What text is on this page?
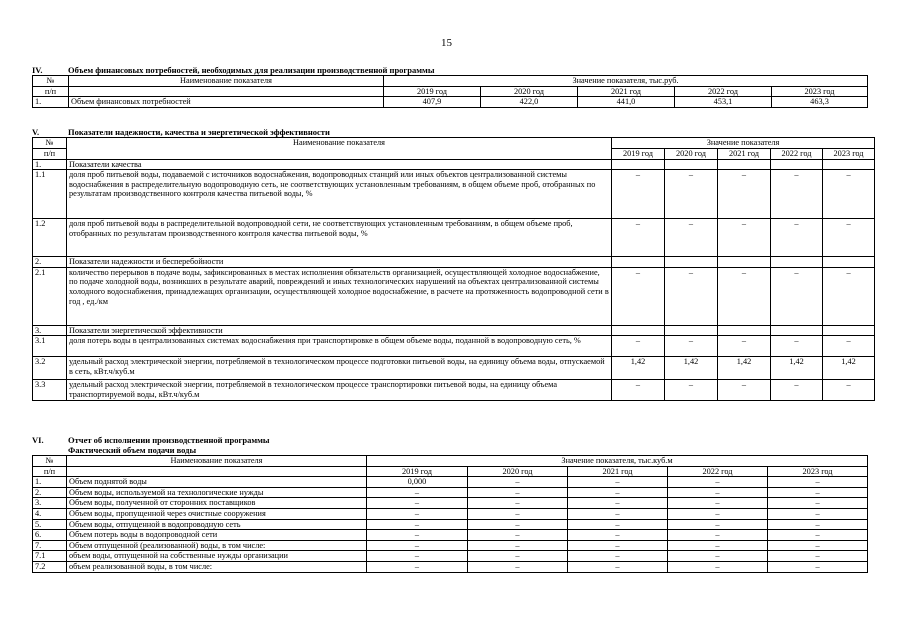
15
IV.	Объем финансовых потребностей, необходимых для реализации производственной программы
№	Наименование показателя	Значение показателя, тыс.руб.				
п/п		2019 год	2020 год	2021 год	2022 год	2023 год
1.	Объем финансовых потребностей	407,9	422,0	441,0	453,1	463,3
V.	Показатели надежности, качества и энергетической эффективности
№	Наименование показателя	Значение показателя				
п/п		2019 год	2020 год	2021 год	2022 год	2023 год
1.	Показатели качества					
1.1	доля проб питьевой воды, подаваемой с источников водоснабжения, водопроводных станций или иных объектов централизованной системы водоснабжения в распределительную водопроводную сеть, не соответствующих установленным требованиям, в общем объеме проб, отобранных по результатам производственного контроля качества питьевой воды, %	–	–	–	–	–
1.2	доля проб питьевой воды в распределительной водопроводной сети, не соответствующих установленным требованиям, в общем объеме проб, отобранных по результатам производственного контроля качества питьевой воды, %	–	–	–	–	–
2.	Показатели надежности и бесперебойности					
2.1	количество перерывов в подаче воды, зафиксированных в местах исполнения обязательств организацией, осуществляющей холодное водоснабжение, по подаче холодной воды, возникших в результате аварий, повреждений и иных технологических нарушений на объектах централизованной системы холодного водоснабжения, принадлежащих организации, осуществляющей холодное водоснабжение, в расчете на протяженность водопроводной сети в год , ед./км	–	–	–	–	–
3.	Показатели энергетической эффективности					
3.1	доля потерь воды в централизованных системах водоснабжения при транспортировке в общем объеме воды, поданной в водопроводную сеть, %	–	–	–	–	–
3.2	удельный расход электрической энергии, потребляемой в технологическом процессе подготовки питьевой воды, на единицу объема воды, отпускаемой в сеть, кВт.ч/куб.м	1,42	1,42	1,42	1,42	1,42
3.3	удельный расход электрической энергии, потребляемой в технологическом процессе транспортировки питьевой воды, на единицу объема транспортируемой воды, кВт.ч/куб.м	–	–	–	–	–
VI.	Отчет об исполнении производственной программы
Фактический объем подачи воды
№	Наименование показателя	Значение показателя, тыс.куб.м				
п/п		2019 год	2020 год	2021 год	2022 год	2023 год
1.	Объем поднятой воды	0,000	–	–	–	–
2.	Объем воды, используемой на технологические нужды	–	–	–	–	–
3.	Объем воды, полученной от сторонних поставщиков	–	–	–	–	–
4.	Объем воды, пропущенной через очистные сооружения	–	–	–	–	–
5.	Объем воды, отпущенной в водопроводную сеть	–	–	–	–	–
6.	Объем потерь воды в водопроводной сети	–	–	–	–	–
7.	Объем отпущенной (реализованной) воды, в том числе:	–	–	–	–	–
7.1	объем воды, отпущенной на собственные нужды организации	–	–	–	–	–
7.2	объем реализованной воды, в том числе:	–	–	–	–	–
